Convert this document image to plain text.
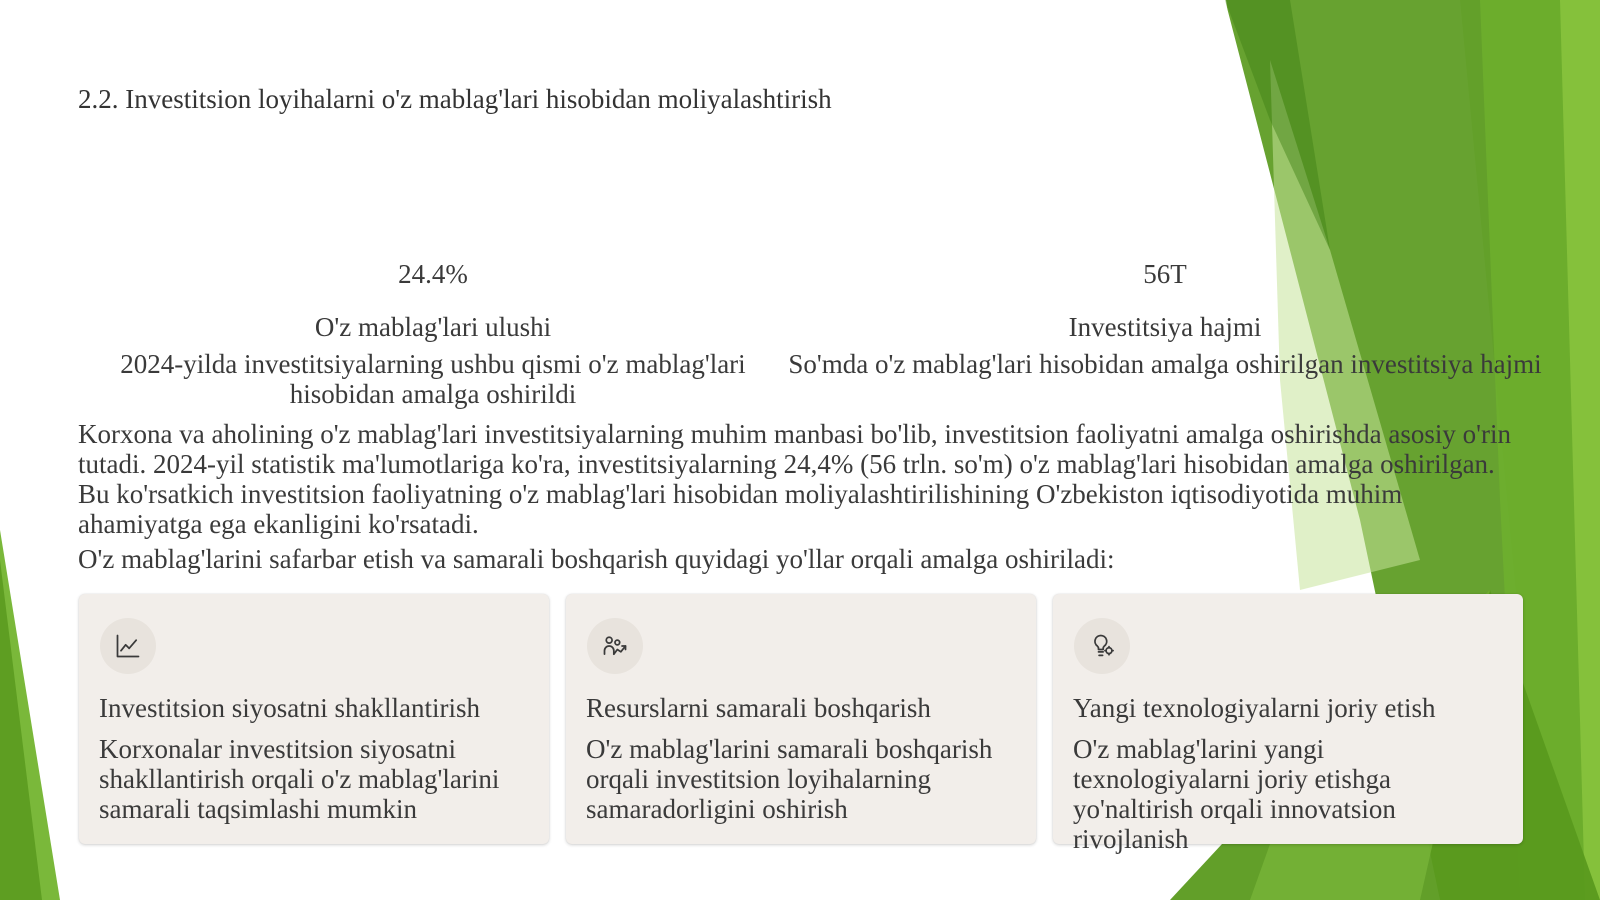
2.2. Investitsion loyihalarni o'z mablag'lari hisobidan moliyalashtirish
24.4%
O'z mablag'lari ulushi
2024-yilda investitsiyalarning ushbu qismi o'z mablag'lari hisobidan amalga oshirildi
56T
Investitsiya hajmi
So'mda o'z mablag'lari hisobidan amalga oshirilgan investitsiya hajmi
Korxona va aholining o'z mablag'lari investitsiyalarning muhim manbasi bo'lib, investitsion faoliyatni amalga oshirishda asosiy o'rin tutadi. 2024-yil statistik ma'lumotlariga ko'ra, investitsiyalarning 24,4% (56 trln. so'm) o'z mablag'lari hisobidan amalga oshirilgan. Bu ko'rsatkich investitsion faoliyatning o'z mablag'lari hisobidan moliyalashtirilishining O'zbekiston iqtisodiyotida muhim ahamiyatga ega ekanligini ko'rsatadi.
O'z mablag'larini safarbar etish va samarali boshqarish quyidagi yo'llar orqali amalga oshiriladi:
Investitsion siyosatni shakllantirish
Korxonalar investitsion siyosatni shakllantirish orqali o'z mablag'larini samarali taqsimlashi mumkin
Resurslarni samarali boshqarish
O'z mablag'larini samarali boshqarish orqali investitsion loyihalarning samaradorligini oshirish
Yangi texnologiyalarni joriy etish
O'z mablag'larini yangi texnologiyalarni joriy etishga yo'naltirish orqali innovatsion rivojlanish
